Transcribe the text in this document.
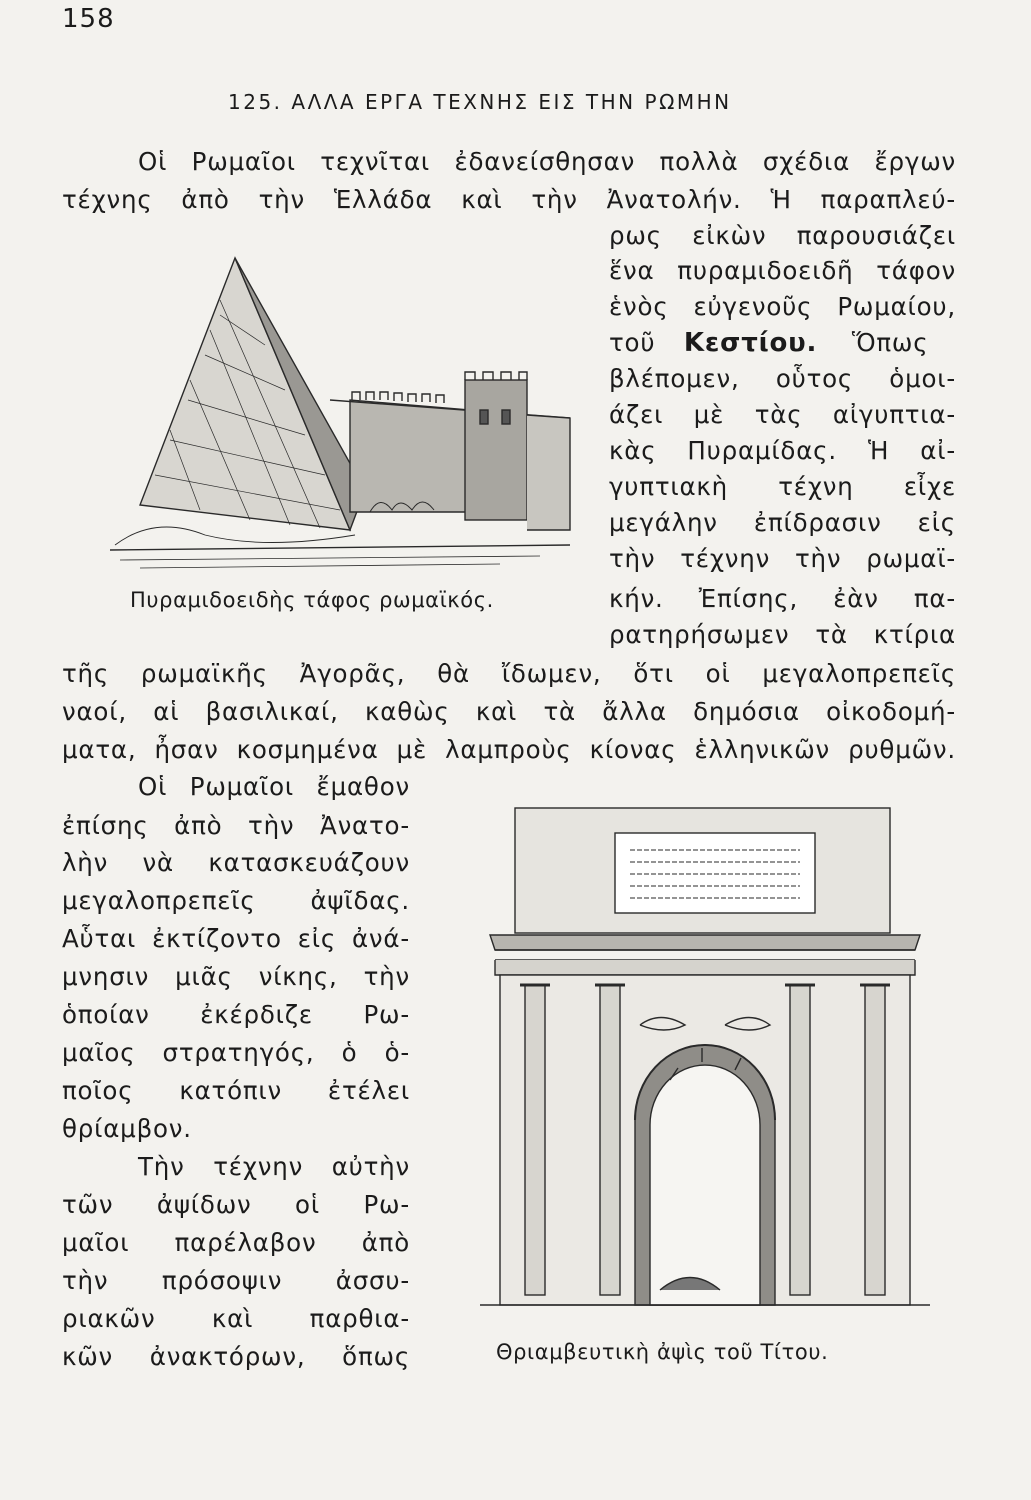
158
125. ΑΛΛΑ ΕΡΓΑ ΤΕΧΝΗΣ ΕΙΣ ΤΗΝ ΡΩΜΗΝ
Οἱ Ρωμαῖοι τεχνῖται ἐδανείσθησαν πολλὰ σχέδια ἔργων
τέχνης ἀπὸ τὴν Ἑλλάδα καὶ τὴν Ἀνατολήν. Ἡ παραπλεύ-
ρως εἰκὼν παρουσιάζει
ἕνα πυραμιδοειδῆ τάφον
ἑνὸς εὐγενοῦς Ρωμαίου,
τοῦ Κεστίου. Ὅπως
βλέπομεν, οὗτος ὁμοι-
άζει μὲ τὰς αἰγυπτια-
κὰς Πυραμίδας. Ἡ αἰ-
γυπτιακὴ τέχνη εἶχε
μεγάλην ἐπίδρασιν εἰς
τὴν τέχνην τὴν ρωμαϊ-
κήν. Ἐπίσης, ἐὰν πα-
ρατηρήσωμεν τὰ κτίρια
τῆς ρωμαϊκῆς Ἀγορᾶς, θὰ ἴδωμεν, ὅτι οἱ μεγαλοπρεπεῖς
ναοί, αἱ βασιλικαί, καθὼς καὶ τὰ ἄλλα δημόσια οἰκοδομή-
ματα, ἦσαν κοσμημένα μὲ λαμπροὺς κίονας ἑλληνικῶν ρυθμῶν.
Οἱ Ρωμαῖοι ἔμαθον
ἐπίσης ἀπὸ τὴν Ἀνατο-
λὴν νὰ κατασκευάζουν
μεγαλοπρεπεῖς ἀψῖδας.
Αὗται ἐκτίζοντο εἰς ἀνά-
μνησιν μιᾶς νίκης, τὴν
ὁποίαν ἐκέρδιζε Ρω-
μαῖος στρατηγός, ὁ ὁ-
ποῖος κατόπιν ἐτέλει
θρίαμβον.
Τὴν τέχνην αὐτὴν
τῶν ἀψίδων οἱ Ρω-
μαῖοι παρέλαβον ἀπὸ
τὴν πρόσοψιν ἀσσυ-
ριακῶν καὶ παρθια-
κῶν ἀνακτόρων, ὅπως
Πυραμιδοειδὴς τάφος ρωμαϊκός.
Θριαμβευτικὴ ἀψὶς τοῦ Τίτου.
